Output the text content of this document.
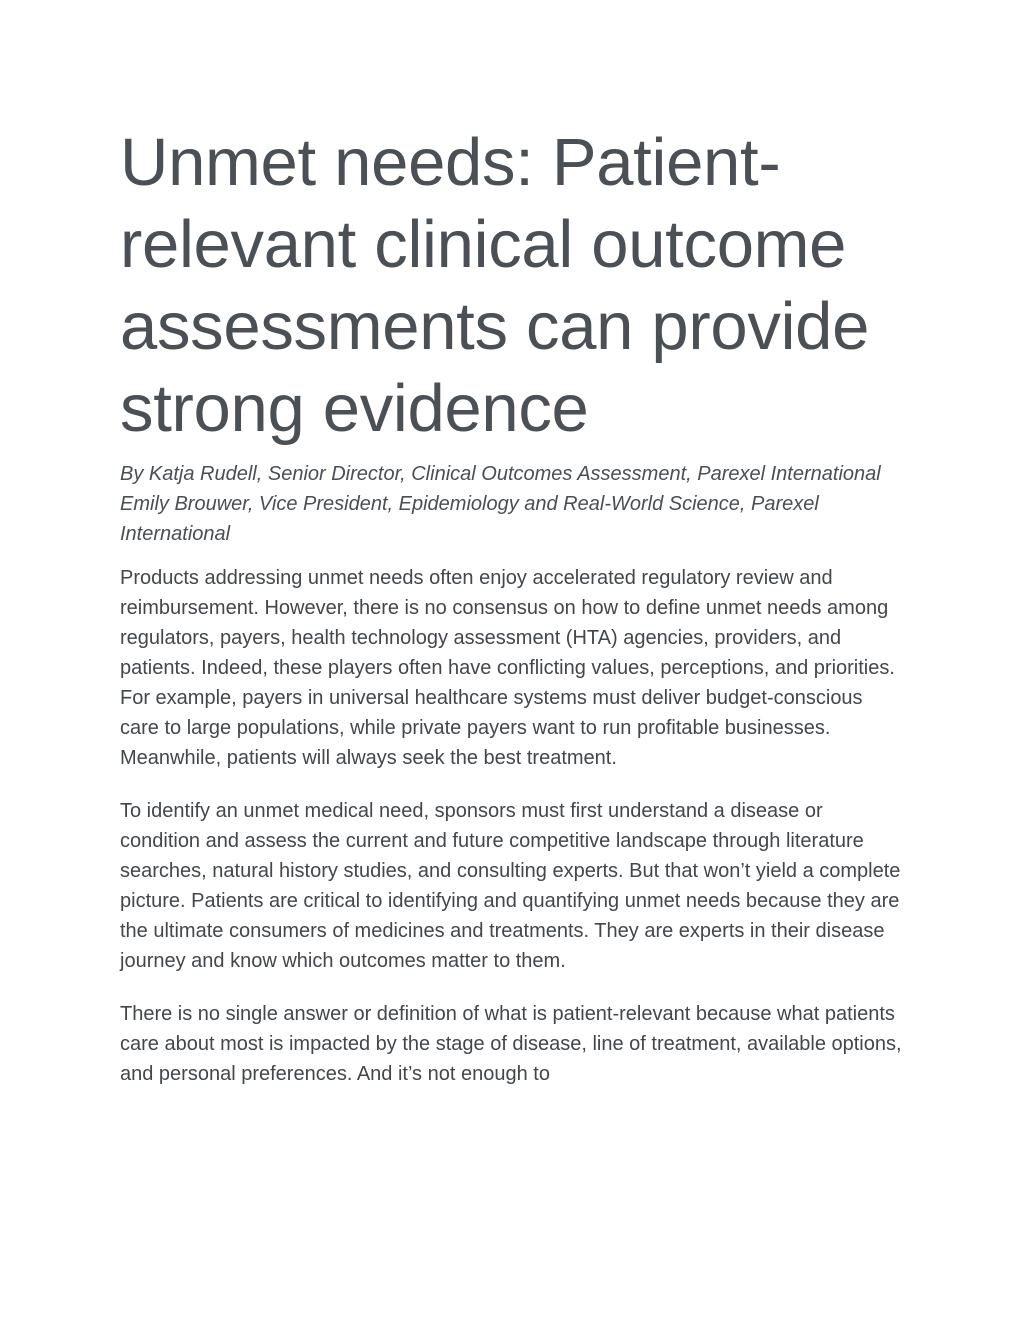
Unmet needs: Patient-relevant clinical outcome assessments can provide strong evidence
By Katja Rudell, Senior Director, Clinical Outcomes Assessment, Parexel International
Emily Brouwer, Vice President, Epidemiology and Real-World Science, Parexel International

Products addressing unmet needs often enjoy accelerated regulatory review and reimbursement. However, there is no consensus on how to define unmet needs among regulators, payers, health technology assessment (HTA) agencies, providers, and patients. Indeed, these players often have conflicting values, perceptions, and priorities. For example, payers in universal healthcare systems must deliver budget-conscious care to large populations, while private payers want to run profitable businesses. Meanwhile, patients will always seek the best treatment.

To identify an unmet medical need, sponsors must first understand a disease or condition and assess the current and future competitive landscape through literature searches, natural history studies, and consulting experts. But that won’t yield a complete picture. Patients are critical to identifying and quantifying unmet needs because they are the ultimate consumers of medicines and treatments. They are experts in their disease journey and know which outcomes matter to them.

There is no single answer or definition of what is patient-relevant because what patients care about most is impacted by the stage of disease, line of treatment, available options, and personal preferences. And it’s not enough to
